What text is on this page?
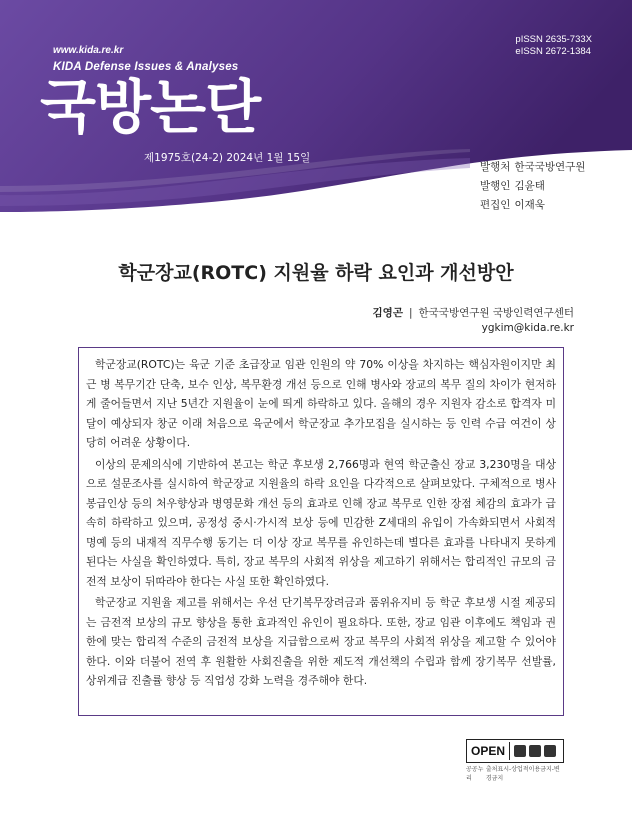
www.kida.re.kr
KIDA Defense Issues & Analyses
국방논단
pISSN 2635-733X
eISSN 2672-1384
제1975호(24-2) 2024년 1월 15일
발행처 한국국방연구원
발행인 김윤태
편집인 이재욱
학군장교(ROTC) 지원율 하락 요인과 개선방안
김영곤 | 한국국방연구원 국방인력연구센터
ygkim@kida.re.kr

학군장교(ROTC)는 육군 기준 초급장교 임관 인원의 약 70% 이상을 차지하는 핵심자원이지만 최근 병 복무기간 단축, 보수 인상, 복무환경 개선 등으로 인해 병사와 장교의 복무 질의 차이가 현저하게 줄어들면서 지난 5년간 지원율이 눈에 띄게 하락하고 있다. 올해의 경우 지원자 감소로 합격자 미달이 예상되자 창군 이래 처음으로 육군에서 학군장교 추가모집을 실시하는 등 인력 수급 여건이 상당히 어려운 상황이다.

이상의 문제의식에 기반하여 본고는 학군 후보생 2,766명과 현역 학군출신 장교 3,230명을 대상으로 설문조사를 실시하여 학군장교 지원율의 하락 요인을 다각적으로 살펴보았다. 구체적으로 병사 봉급인상 등의 처우향상과 병영문화 개선 등의 효과로 인해 장교 복무로 인한 장점 체감의 효과가 급속히 하락하고 있으며, 공정성 중시·가시적 보상 등에 민감한 Z세대의 유입이 가속화되면서 사회적 명예 등의 내재적 직무수행 동기는 더 이상 장교 복무를 유인하는데 별다른 효과를 나타내지 못하게 된다는 사실을 확인하였다. 특히, 장교 복무의 사회적 위상을 제고하기 위해서는 합리적인 규모의 금전적 보상이 뒤따라야 한다는 사실 또한 확인하였다.

학군장교 지원율 제고를 위해서는 우선 단기복무장려금과 품위유지비 등 학군 후보생 시절 제공되는 금전적 보상의 규모 향상을 통한 효과적인 유인이 필요하다. 또한, 장교 임관 이후에도 책임과 권한에 맞는 합리적 수준의 금전적 보상을 지급함으로써 장교 복무의 사회적 위상을 제고할 수 있어야 한다. 이와 더불어 전역 후 원활한 사회진출을 위한 제도적 개선책의 수립과 함께 장기복무 선발률, 상위계급 진출률 향상 등 직업성 강화 노력을 경주해야 한다.

OPEN
공공누리
출처표시-상업적이용금지-변경금지
